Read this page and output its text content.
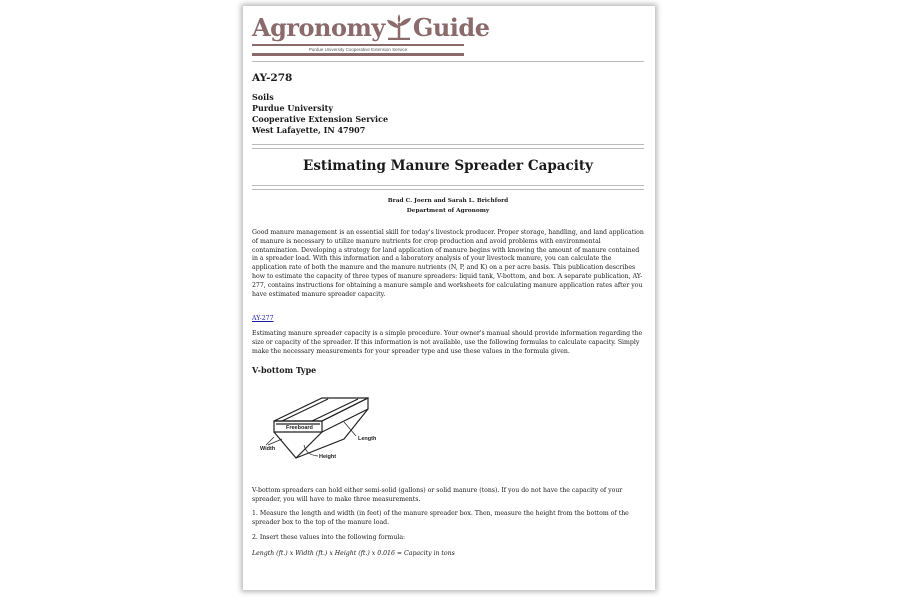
Agronomy Guide
Purdue University Cooperative Extension Service
AY-278
Soils
Purdue University
Cooperative Extension Service
West Lafayette, IN 47907
Estimating Manure Spreader Capacity
Brad C. Joern and Sarah L. Brichford
Department of Agronomy

Good manure management is an essential skill for today's livestock producer. Proper storage, handling, and land application of manure is necessary to utilize manure nutrients for crop production and avoid problems with environmental contamination. Developing a strategy for land application of manure begins with knowing the amount of manure contained in a spreader load. With this information and a laboratory analysis of your livestock manure, you can calculate the application rate of both the manure and the manure nutrients (N, P, and K) on a per acre basis. This publication describes how to estimate the capacity of three types of manure spreaders: liquid tank, V-bottom, and box. A separate publication, AY- 277, contains instructions for obtaining a manure sample and worksheets for calculating manure application rates after you have estimated manure spreader capacity.

AY-277

Estimating manure spreader capacity is a simple procedure. Your owner's manual should provide information regarding the size or capacity of the spreader. If this information is not available, use the following formulas to calculate capacity. Simply make the necessary measurements for your spreader type and use these values in the formula given.

V-bottom Type
Freeboard
Length
Width
Height

V-bottom spreaders can hold either semi-solid (gallons) or solid manure (tons). If you do not have the capacity of your spreader, you will have to make three measurements.

1. Measure the length and width (in feet) of the manure spreader box. Then, measure the height from the bottom of the spreader box to the top of the manure load.

2. Insert these values into the following formula:

Length (ft.) x Width (ft.) x Height (ft.) x 0.016 = Capacity in tons
